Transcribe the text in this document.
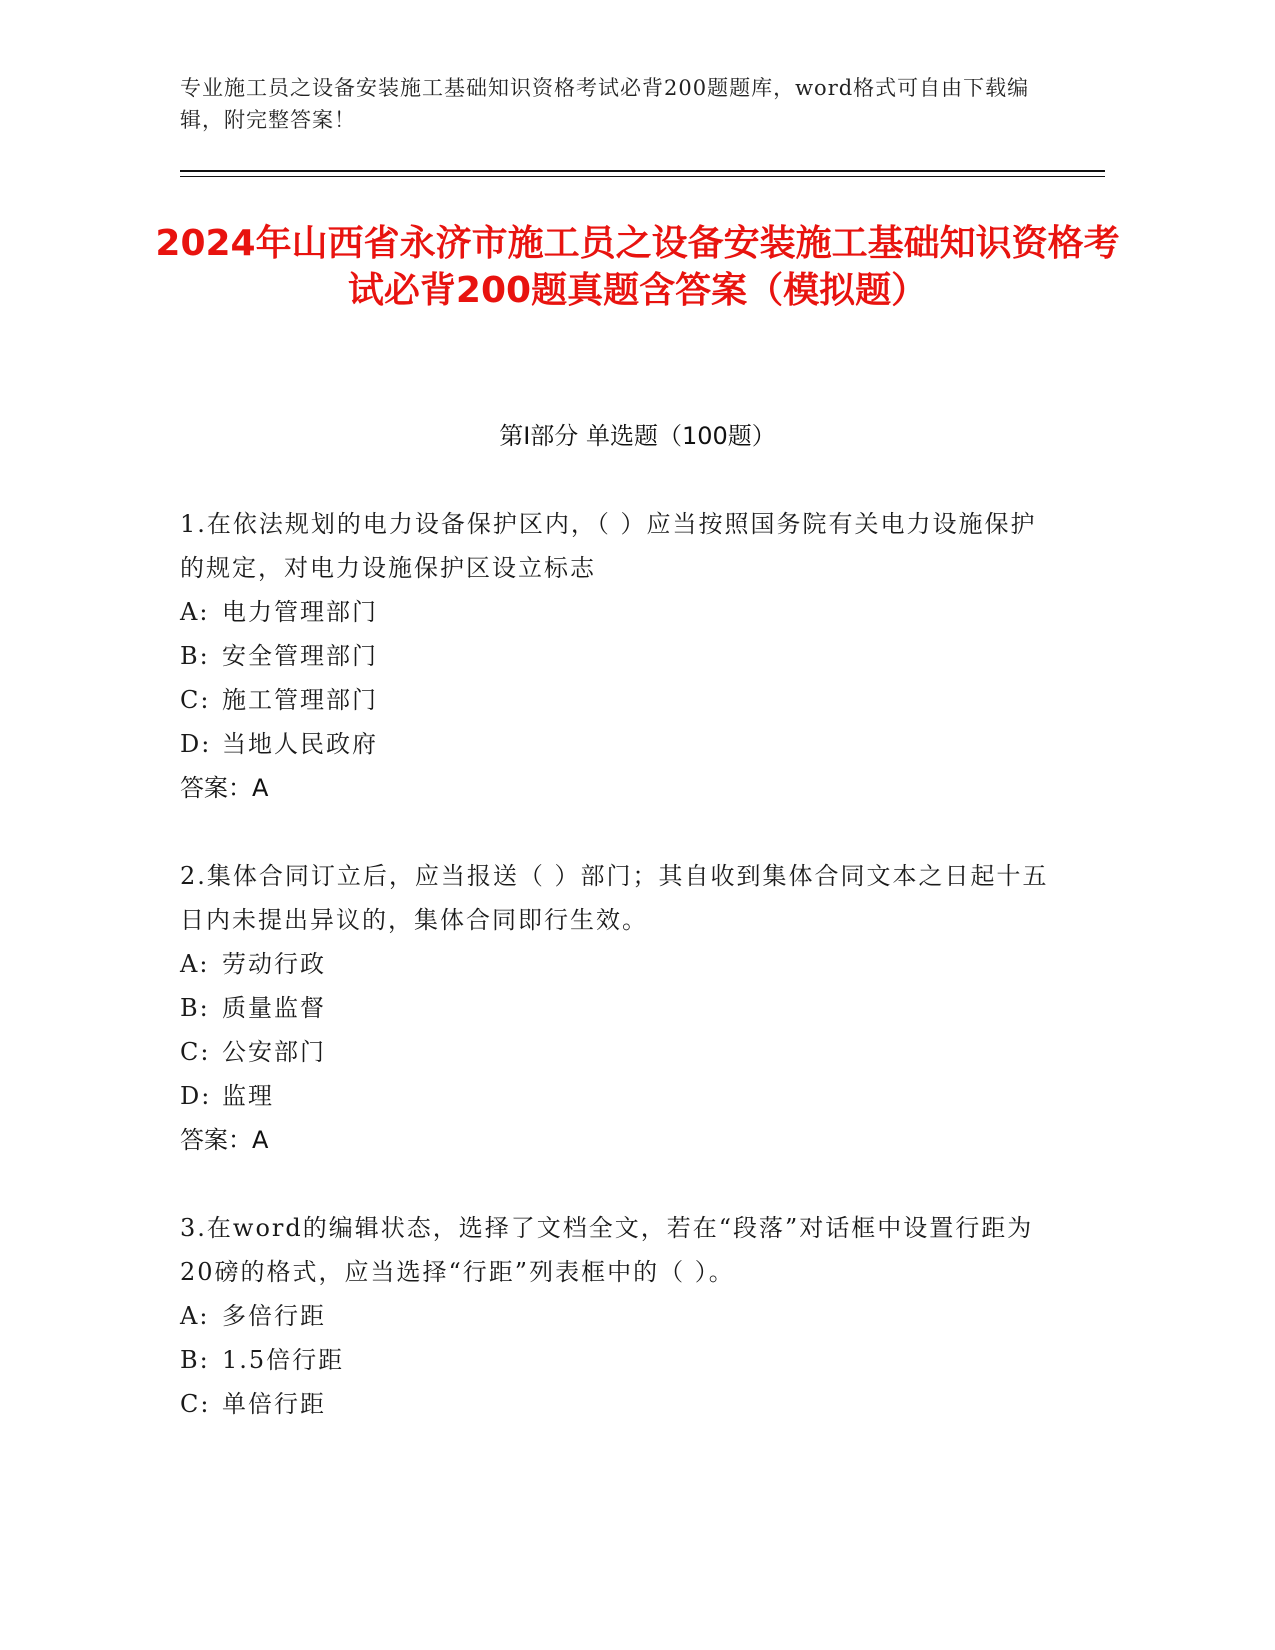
专业施工员之设备安装施工基础知识资格考试必背200题题库，word格式可自由下载编辑，附完整答案！
2024年山西省永济市施工员之设备安装施工基础知识资格考试必背200题真题含答案（模拟题）
第I部分 单选题（100题）
1.在依法规划的电力设备保护区内，（ ）应当按照国务院有关电力设施保护的规定，对电力设施保护区设立标志
A: 电力管理部门
B: 安全管理部门
C: 施工管理部门
D: 当地人民政府
答案：A
2.集体合同订立后，应当报送（ ）部门；其自收到集体合同文本之日起十五日内未提出异议的，集体合同即行生效。
A: 劳动行政
B: 质量监督
C: 公安部门
D: 监理
答案：A
3.在word的编辑状态，选择了文档全文，若在“段落”对话框中设置行距为20磅的格式，应当选择“行距”列表框中的（ ）。
A: 多倍行距
B: 1.5倍行距
C: 单倍行距
